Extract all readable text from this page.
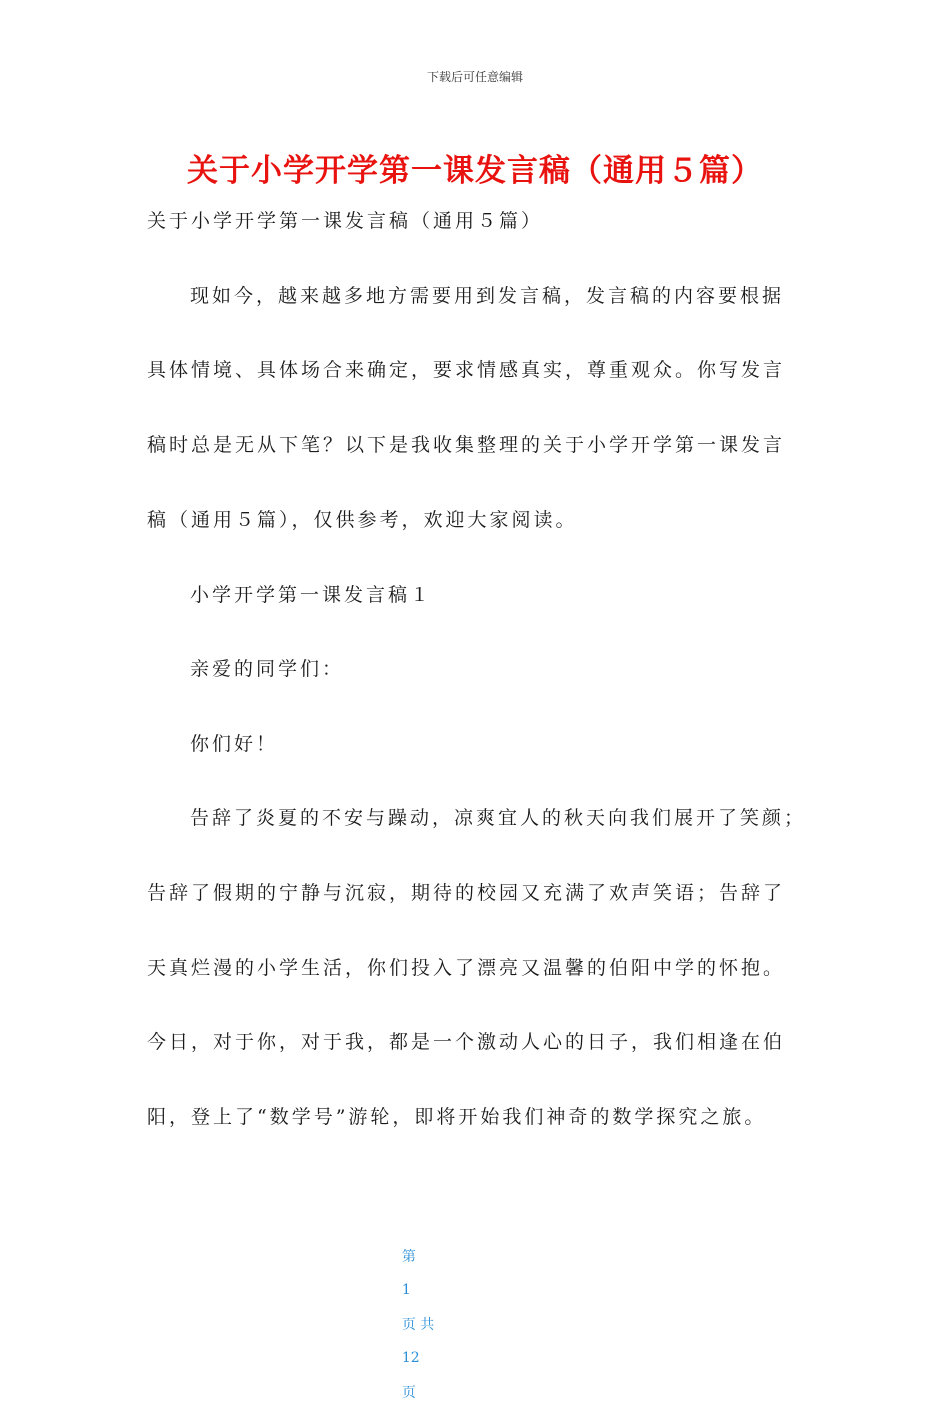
下载后可任意编辑
关于小学开学第一课发言稿（通用５篇）
关于小学开学第一课发言稿（通用５篇）
现如今，越来越多地方需要用到发言稿，发言稿的内容要根据
具体情境、具体场合来确定，要求情感真实，尊重观众。你写发言
稿时总是无从下笔？以下是我收集整理的关于小学开学第一课发言
稿（通用５篇），仅供参考，欢迎大家阅读。
小学开学第一课发言稿１
亲爱的同学们：
你们好！
告辞了炎夏的不安与躁动，凉爽宜人的秋天向我们展开了笑颜；
告辞了假期的宁静与沉寂，期待的校园又充满了欢声笑语；告辞了
天真烂漫的小学生活，你们投入了漂亮又温馨的伯阳中学的怀抱。
今日，对于你，对于我，都是一个激动人心的日子，我们相逢在伯
阳，登上了“数学号”游轮，即将开始我们神奇的数学探究之旅。

第

1

页 共

12

页
